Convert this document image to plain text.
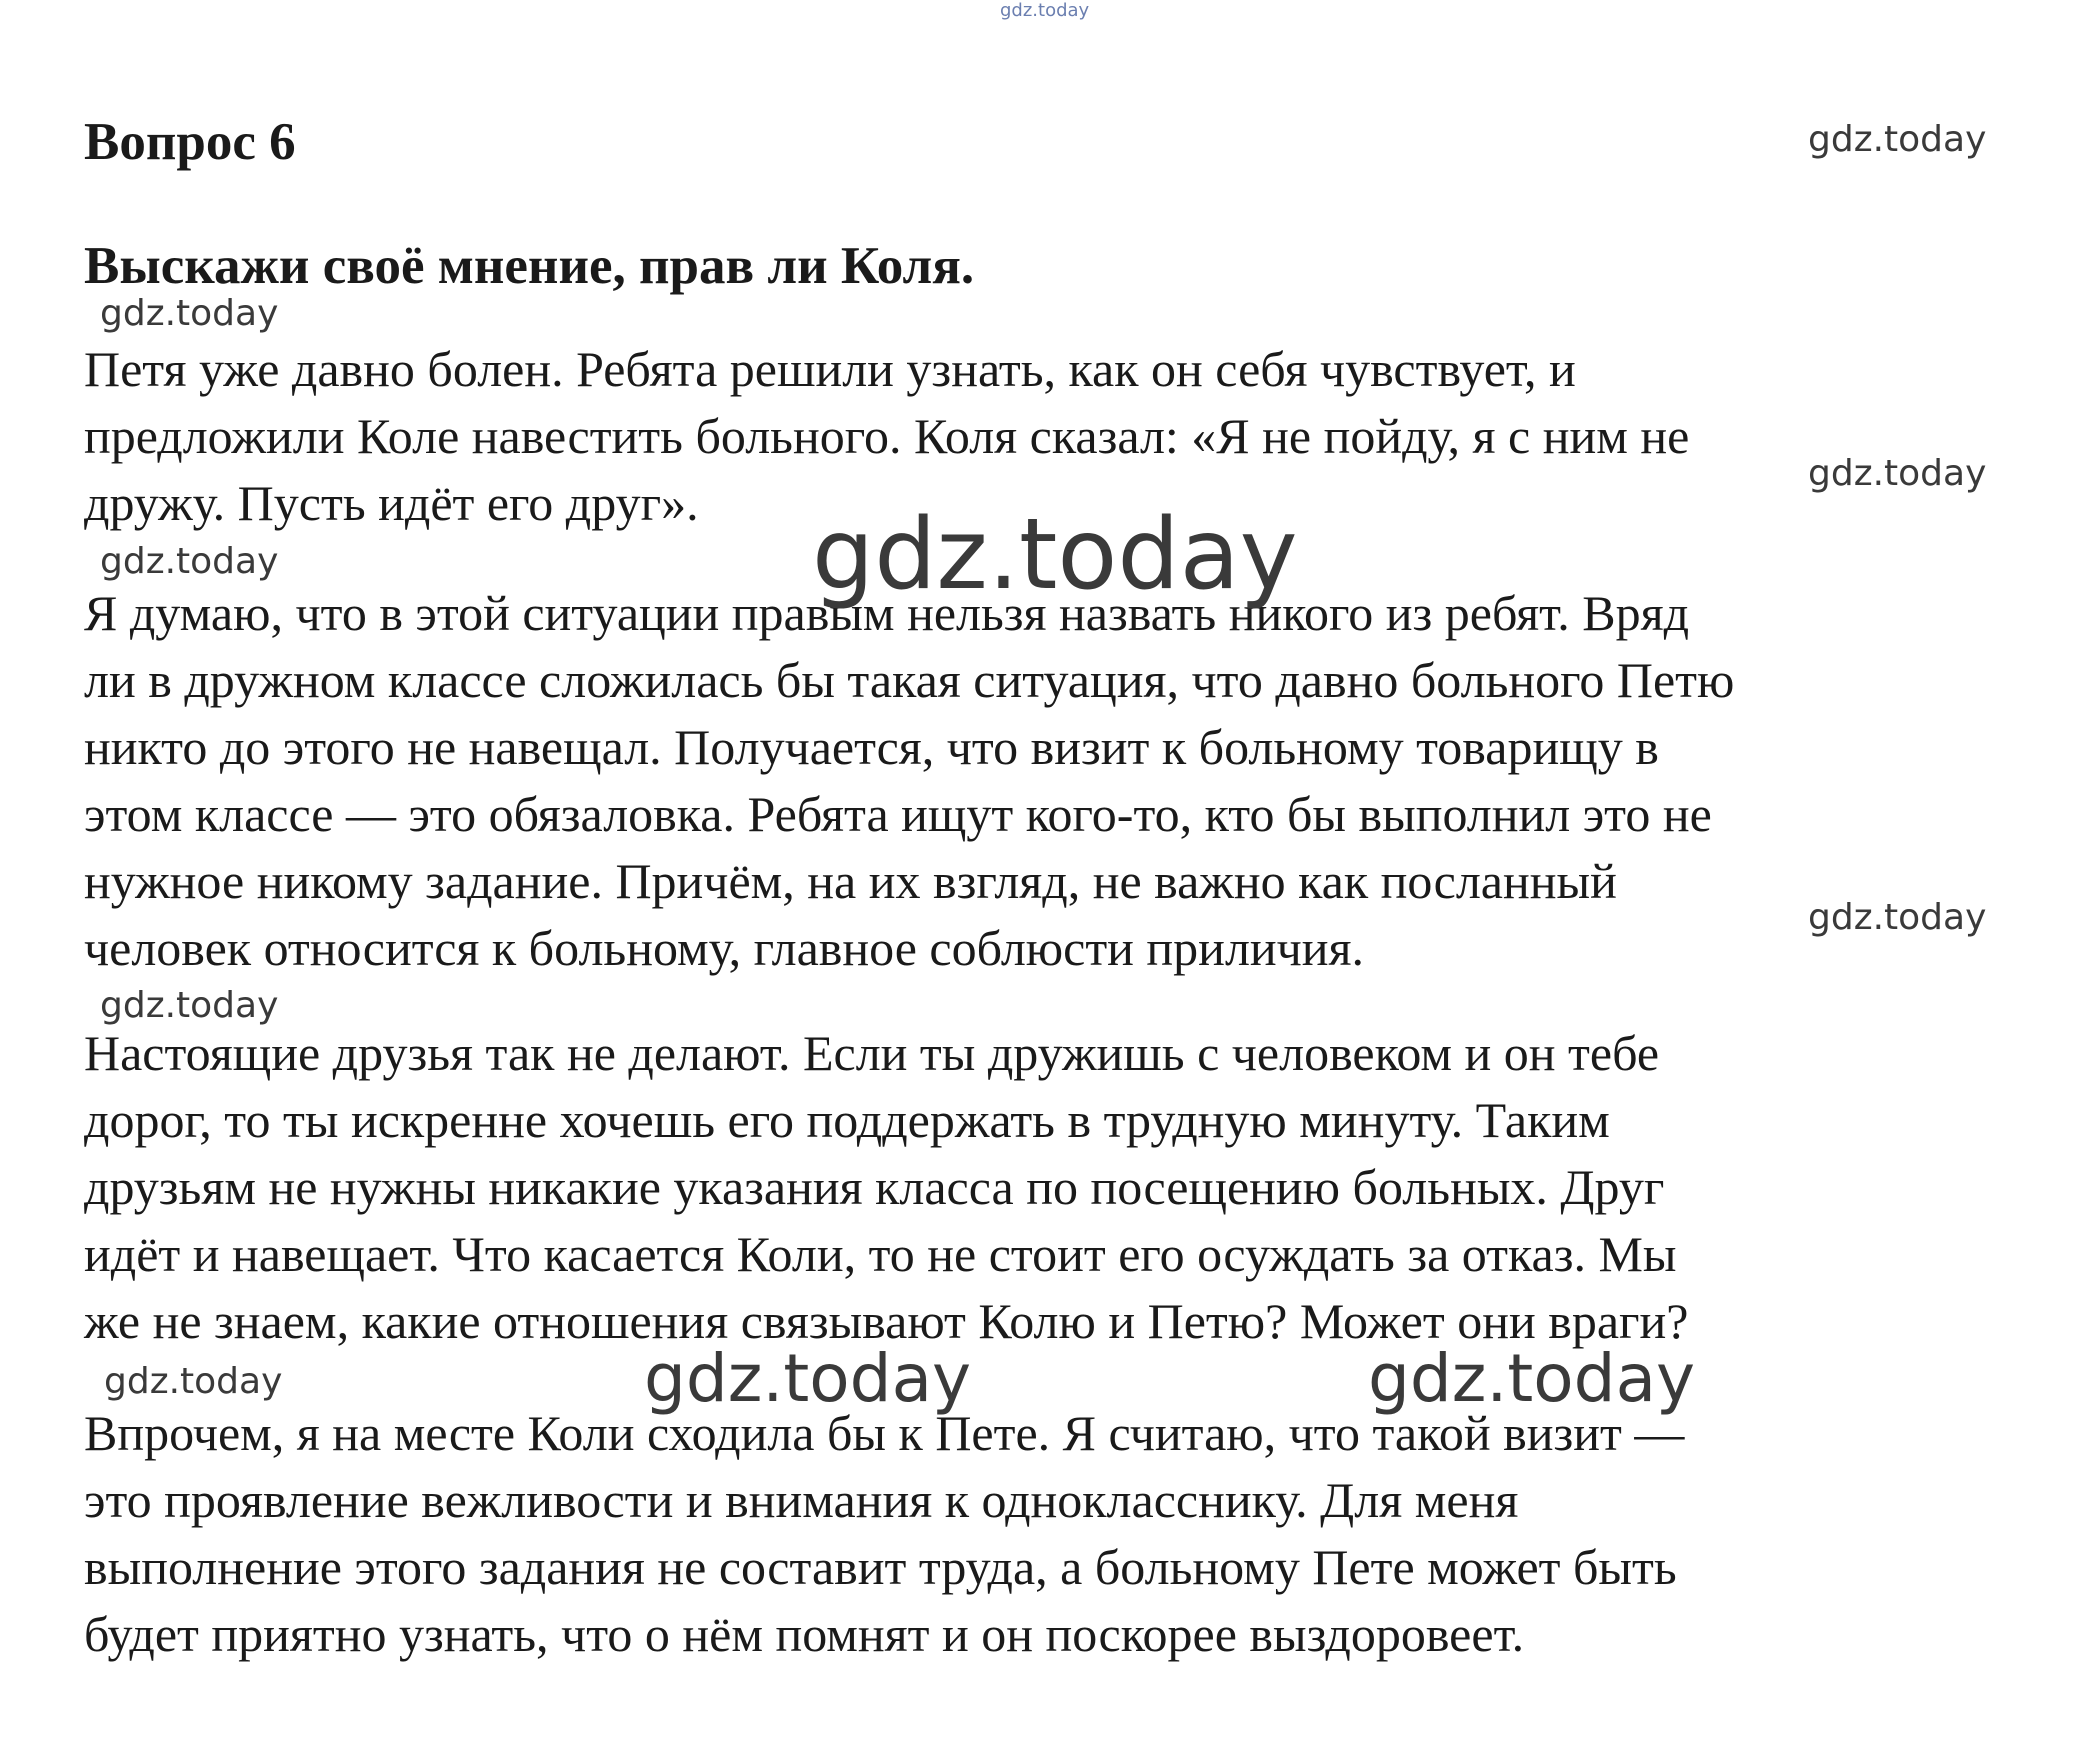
gdz.today
Вопрос 6
Выскажи своё мнение, прав ли Коля.

Петя уже давно болен. Ребята решили узнать, как он себя чувствует, и
предложили Коле навестить больного. Коля сказал: «Я не пойду, я с ним не
дружу. Пусть идёт его друг».

Я думаю, что в этой ситуации правым нельзя назвать никого из ребят. Вряд
ли в дружном классе сложилась бы такая ситуация, что давно больного Петю
никто до этого не навещал. Получается, что визит к больному товарищу в
этом классе — это обязаловка. Ребята ищут кого-то, кто бы выполнил это не
нужное никому задание. Причём, на их взгляд, не важно как посланный
человек относится к больному, главное соблюсти приличия.

Настоящие друзья так не делают. Если ты дружишь с человеком и он тебе
дорог, то ты искренне хочешь его поддержать в трудную минуту. Таким
друзьям не нужны никакие указания класса по посещению больных. Друг
идёт и навещает. Что касается Коли, то не стоит его осуждать за отказ. Мы
же не знаем, какие отношения связывают Колю и Петю? Может они враги?

Впрочем, я на месте Коли сходила бы к Пете. Я считаю, что такой визит —
это проявление вежливости и внимания к однокласснику. Для меня
выполнение этого задания не составит труда, а больному Пете может быть
будет приятно узнать, что о нём помнят и он поскорее выздоровеет.

gdz.today
gdz.today
gdz.today
gdz.today	gdz.today
gdz.today
gdz.today
gdz.today	gdz.today	gdz.today
